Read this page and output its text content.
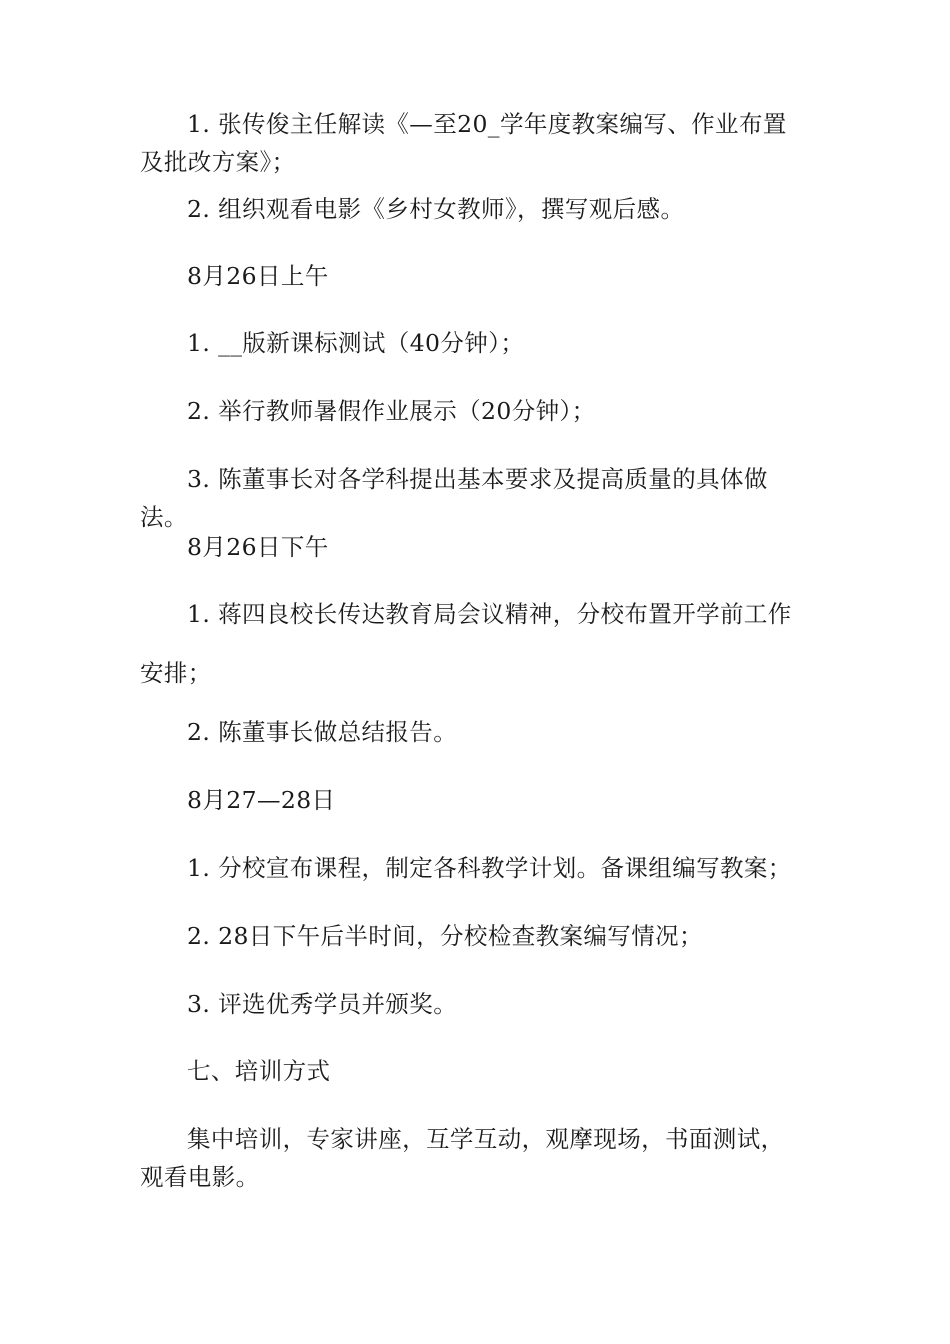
1. 张传俊主任解读《—至20_学年度教案编写、作业布置及批改方案》；

2. 组织观看电影《乡村女教师》，撰写观后感。

8月26日上午

1. __版新课标测试（40分钟）；

2. 举行教师暑假作业展示（20分钟）；

3. 陈董事长对各学科提出基本要求及提高质量的具体做法。

8月26日下午

1. 蒋四良校长传达教育局会议精神，分校布置开学前工作安排；

2. 陈董事长做总结报告。

8月27—28日

1. 分校宣布课程，制定各科教学计划。备课组编写教案；

2. 28日下午后半时间，分校检查教案编写情况；

3. 评选优秀学员并颁奖。

七、培训方式

集中培训，专家讲座，互学互动，观摩现场，书面测试，观看电影。
